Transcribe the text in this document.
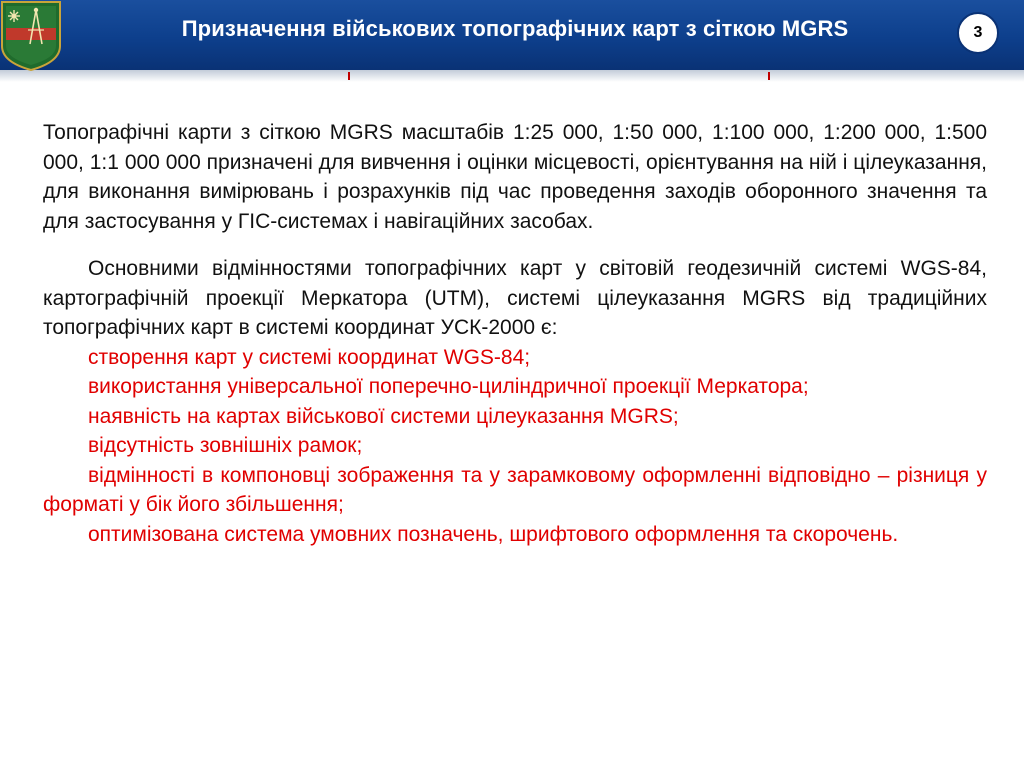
Призначення військових топографічних карт з сіткою MGRS	3

Топографічні карти з сіткою MGRS масштабів 1:25 000, 1:50 000, 1:100 000, 1:200 000, 1:500 000, 1:1 000 000 призначені для вивчення і оцінки місцевості, орієнтування на ній і цілеуказання, для виконання вимірювань і розрахунків під час проведення заходів оборонного значення та для застосування у ГІС-системах і навігаційних засобах.

Основними відмінностями топографічних карт у світовій геодезичній системі WGS-84, картографічній проекції Меркатора (UTM), системі цілеуказання MGRS від традиційних топографічних карт в системі координат УСК-2000 є:

створення карт у системі координат WGS-84;

використання універсальної поперечно-циліндричної проекції Меркатора;

наявність на картах військової системи цілеуказання MGRS;

відсутність зовнішніх рамок;

відмінності в компоновці зображення та у зарамковому оформленні відповідно – різниця у форматі у бік його збільшення;

оптимізована система умовних позначень, шрифтового оформлення та скорочень.
